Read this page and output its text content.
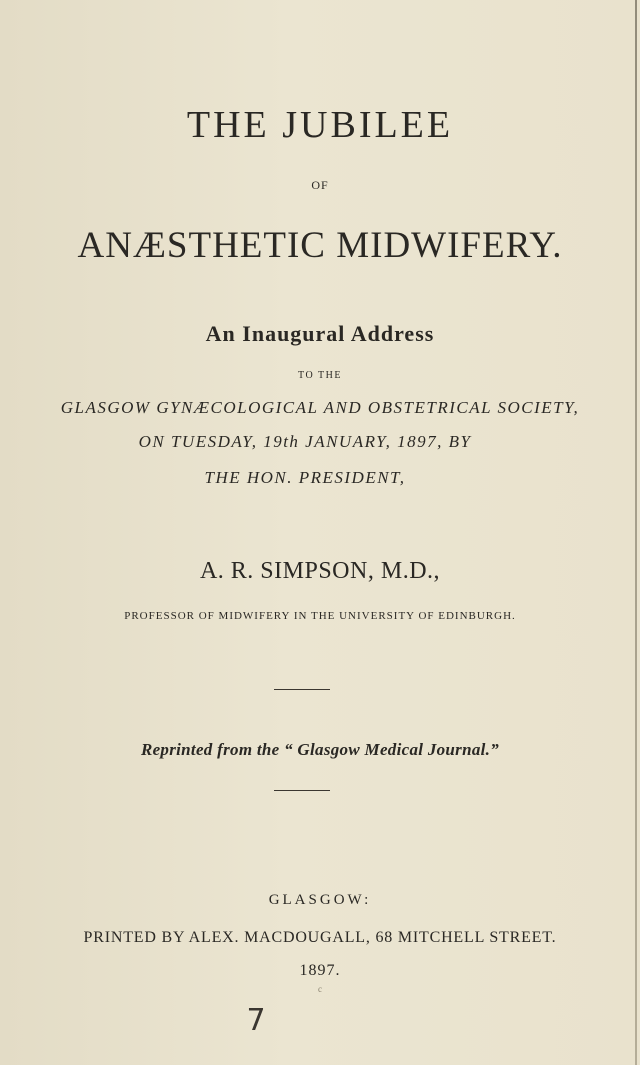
THE JUBILEE
OF
ANÆSTHETIC MIDWIFERY.
An Inaugural Address
TO THE
GLASGOW GYNÆCOLOGICAL AND OBSTETRICAL SOCIETY,
ON TUESDAY, 19th JANUARY, 1897, BY
THE HON. PRESIDENT,
A. R. SIMPSON, M.D.,
PROFESSOR OF MIDWIFERY IN THE UNIVERSITY OF EDINBURGH.
Reprinted from the “ Glasgow Medical Journal.”
GLASGOW:
PRINTED BY ALEX. MACDOUGALL, 68 MITCHELL STREET.
1897.
c
7
